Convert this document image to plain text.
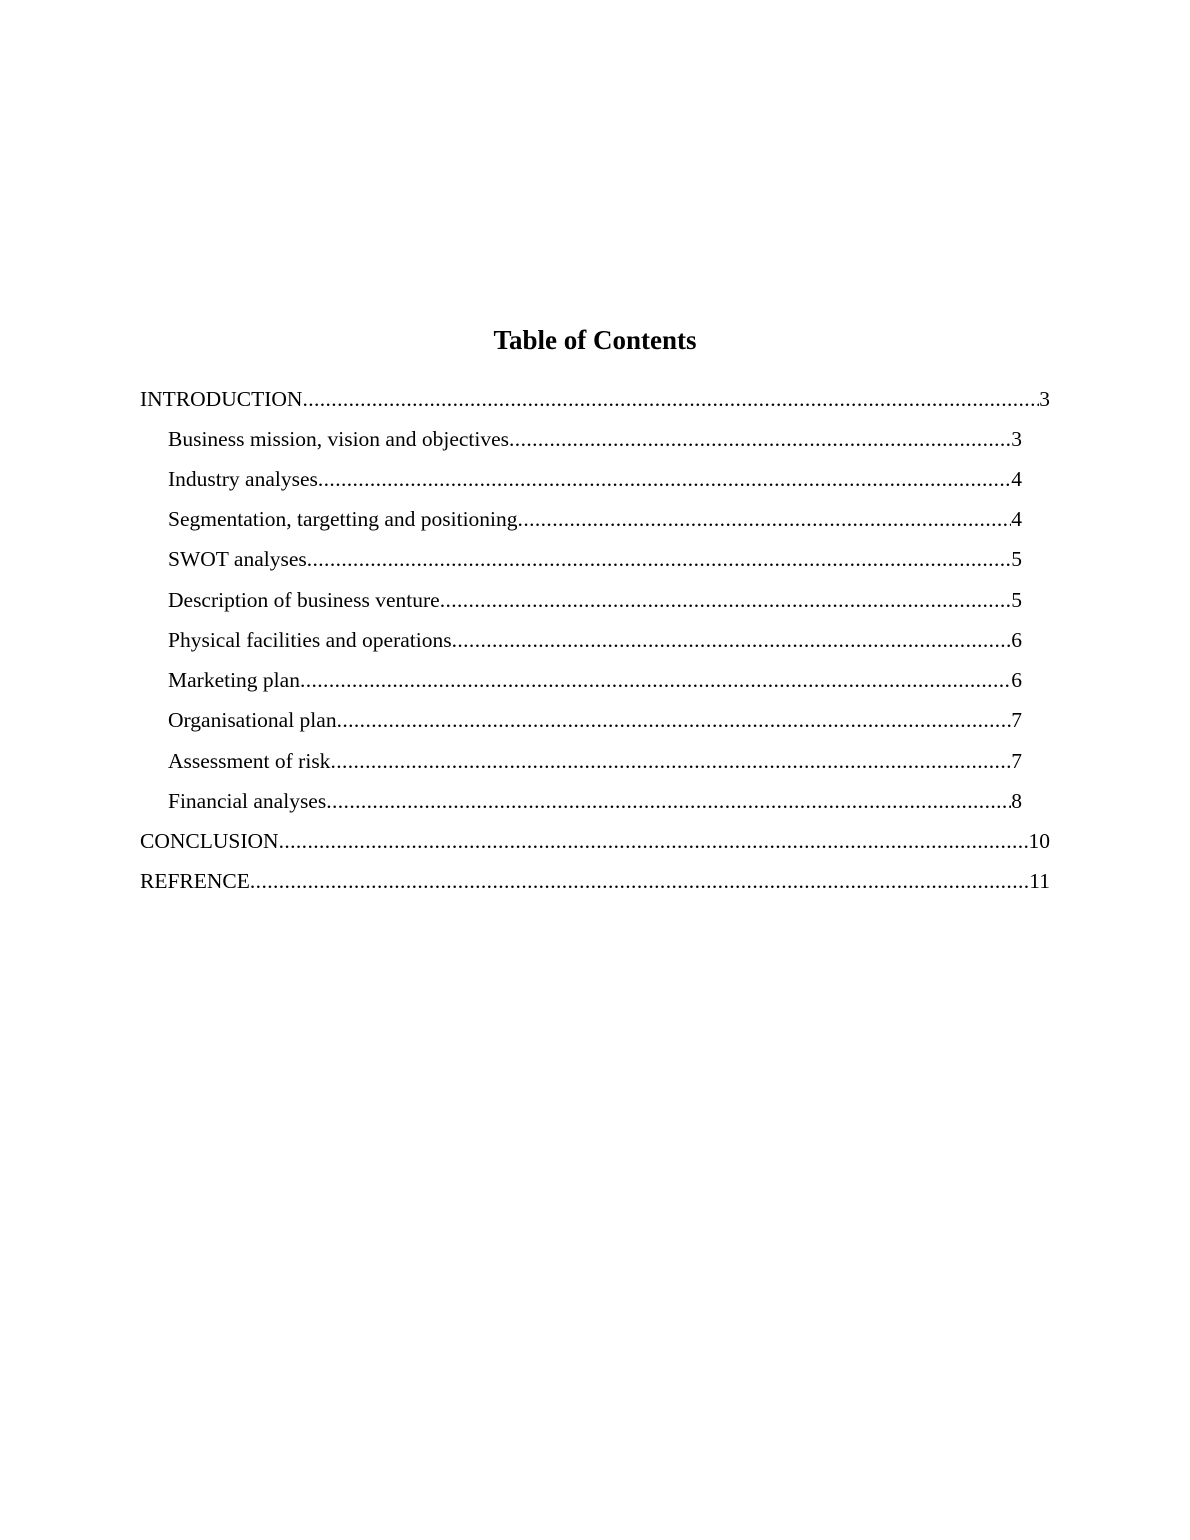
Table of Contents
INTRODUCTION .....	3
Business mission, vision and objectives .....	3
Industry analyses .....	4
Segmentation, targetting and positioning .....	4
SWOT analyses .....	5
Description of business venture .....	5
Physical facilities and operations .....	6
Marketing plan .....	6
Organisational plan .....	7
Assessment of risk .....	7
Financial analyses .....	8
CONCLUSION .....	10
REFRENCE .....	11
